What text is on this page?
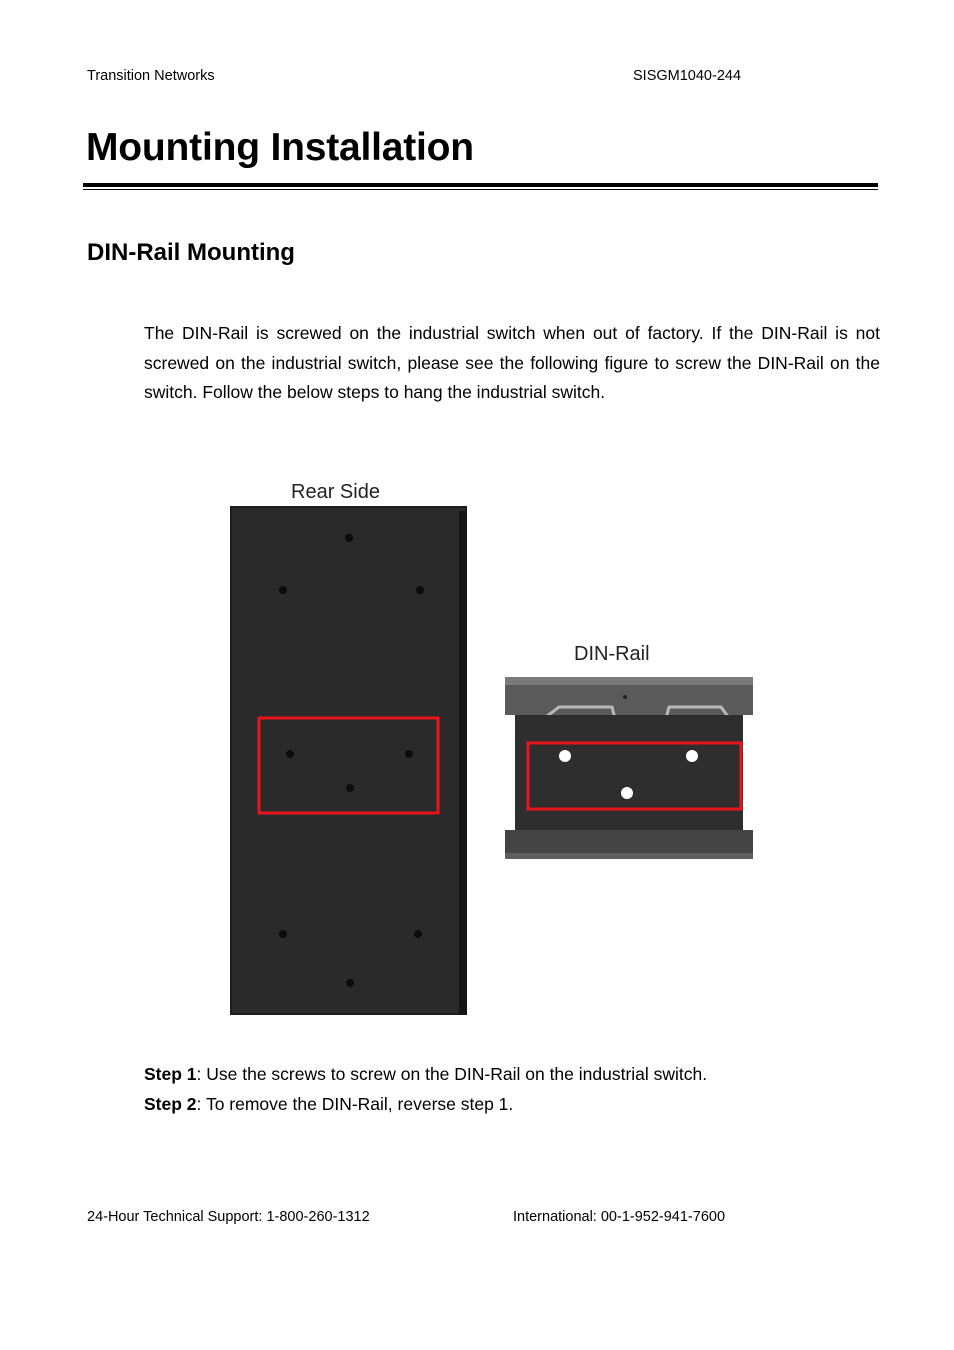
Transition Networks	SISGM1040-244
Mounting Installation
DIN-Rail Mounting

The DIN-Rail is screwed on the industrial switch when out of factory. If the DIN-Rail is not screwed on the industrial switch, please see the following figure to screw the DIN-Rail on the switch. Follow the below steps to hang the industrial switch.

Rear Side
DIN-Rail

Step 1: Use the screws to screw on the DIN-Rail on the industrial switch.

Step 2: To remove the DIN-Rail, reverse step 1.

24-Hour Technical Support: 1-800-260-1312	International: 00-1-952-941-7600
